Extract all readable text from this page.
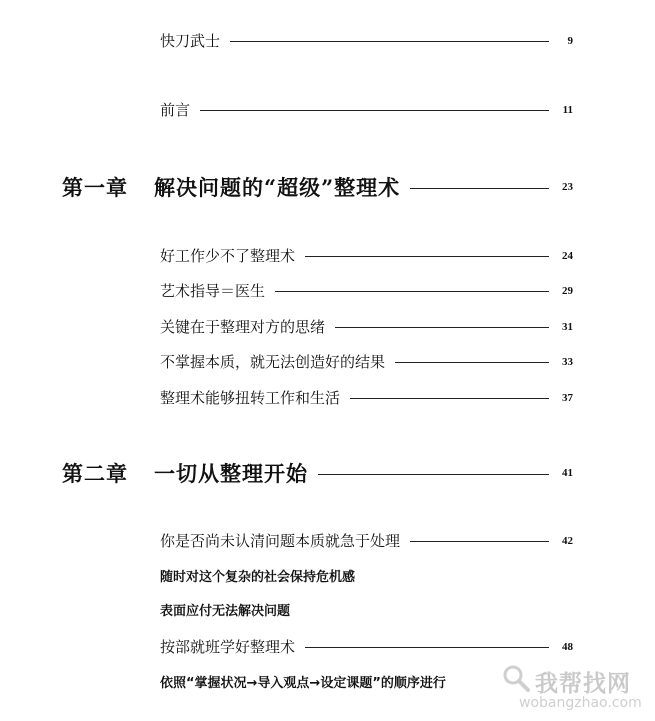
快刀武士	9
前言	11
第一章 解决问题的“超级”整理术	23
好工作少不了整理术	24
艺术指导＝医生	29
关键在于整理对方的思绪	31
不掌握本质，就无法创造好的结果	33
整理术能够扭转工作和生活	37
第二章 一切从整理开始	41
你是否尚未认清问题本质就急于处理	42
随时对这个复杂的社会保持危机感
表面应付无法解决问题
按部就班学好整理术	48
依照“掌握状况→导入观点→设定课题”的顺序进行	我帮找网
wobangzhao.com
